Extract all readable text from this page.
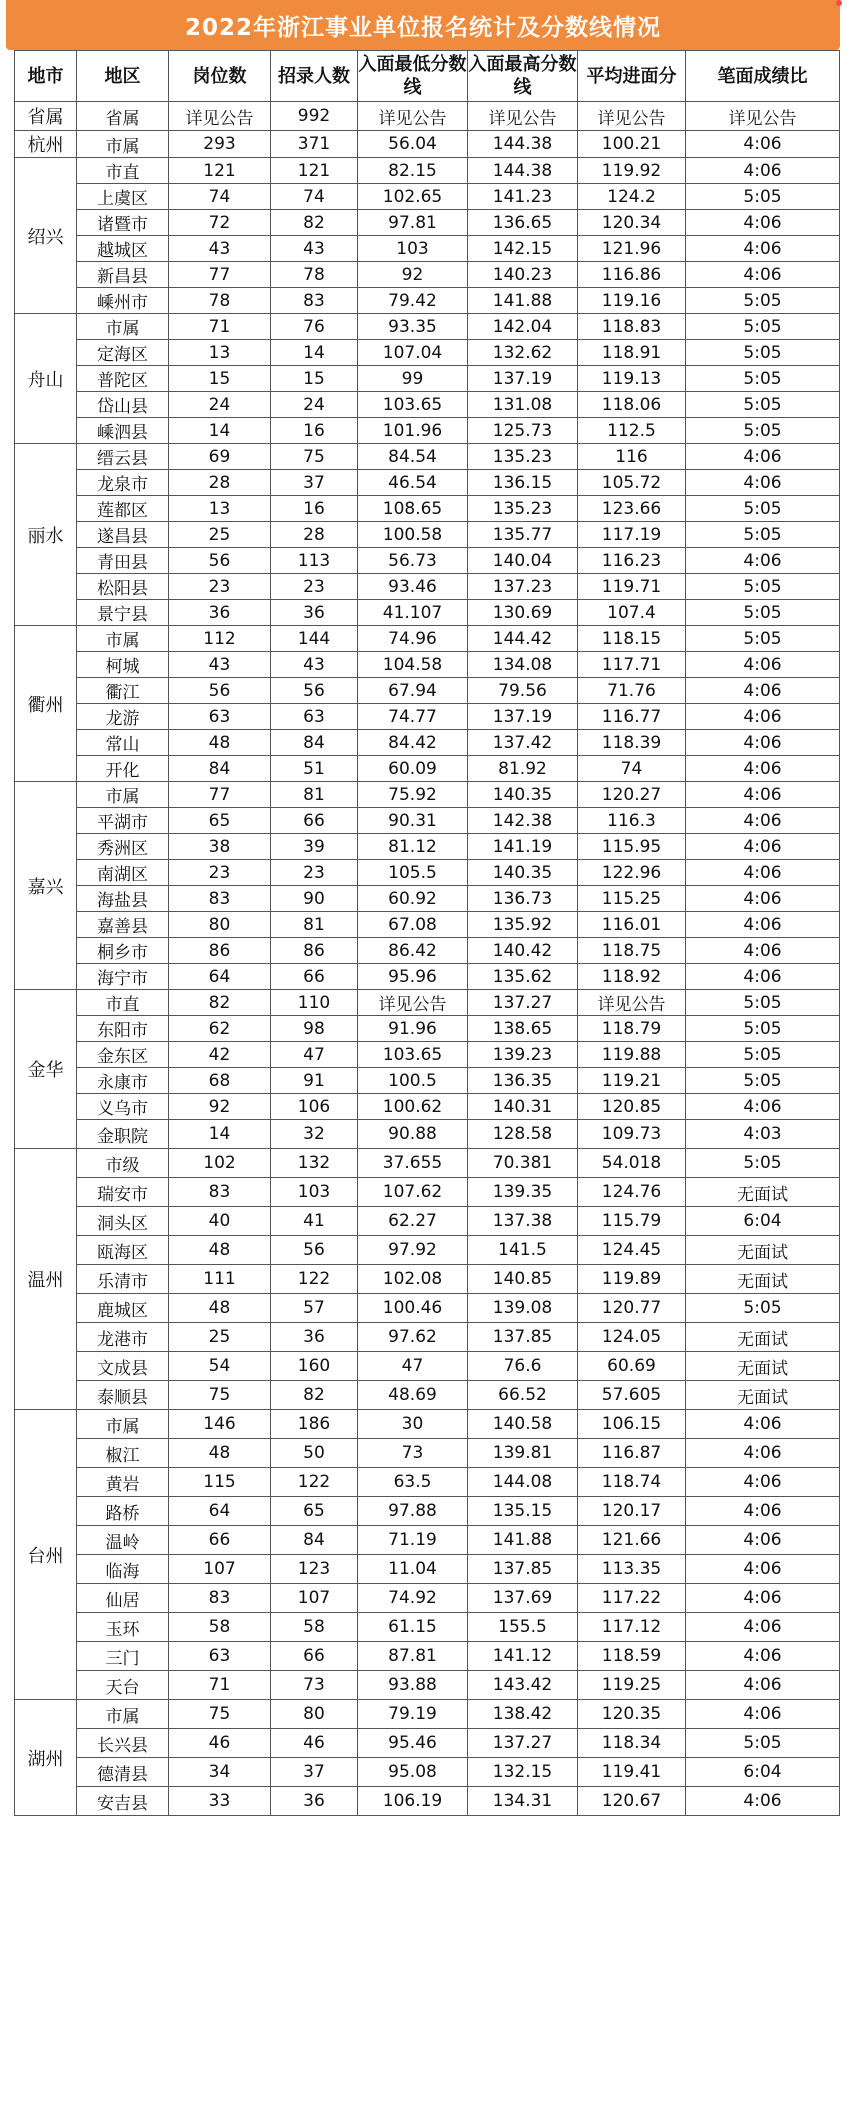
2022年浙江事业单位报名统计及分数线情况
地市	地区	岗位数	招录人数	入面最低分数线	入面最高分数线	平均进面分	笔面成绩比
省属	省属	详见公告	992	详见公告	详见公告	详见公告	详见公告
杭州	市属	293	371	56.04	144.38	100.21	4:06
绍兴	市直	121	121	82.15	144.38	119.92	4:06
	上虞区	74	74	102.65	141.23	124.2	5:05
	诸暨市	72	82	97.81	136.65	120.34	4:06
	越城区	43	43	103	142.15	121.96	4:06
	新昌县	77	78	92	140.23	116.86	4:06
	嵊州市	78	83	79.42	141.88	119.16	5:05
舟山	市属	71	76	93.35	142.04	118.83	5:05
	定海区	13	14	107.04	132.62	118.91	5:05
	普陀区	15	15	99	137.19	119.13	5:05
	岱山县	24	24	103.65	131.08	118.06	5:05
	嵊泗县	14	16	101.96	125.73	112.5	5:05
丽水	缙云县	69	75	84.54	135.23	116	4:06
	龙泉市	28	37	46.54	136.15	105.72	4:06
	莲都区	13	16	108.65	135.23	123.66	5:05
	遂昌县	25	28	100.58	135.77	117.19	5:05
	青田县	56	113	56.73	140.04	116.23	4:06
	松阳县	23	23	93.46	137.23	119.71	5:05
	景宁县	36	36	41.107	130.69	107.4	5:05
衢州	市属	112	144	74.96	144.42	118.15	5:05
	柯城	43	43	104.58	134.08	117.71	4:06
	衢江	56	56	67.94	79.56	71.76	4:06
	龙游	63	63	74.77	137.19	116.77	4:06
	常山	48	84	84.42	137.42	118.39	4:06
	开化	84	51	60.09	81.92	74	4:06
嘉兴	市属	77	81	75.92	140.35	120.27	4:06
	平湖市	65	66	90.31	142.38	116.3	4:06
	秀洲区	38	39	81.12	141.19	115.95	4:06
	南湖区	23	23	105.5	140.35	122.96	4:06
	海盐县	83	90	60.92	136.73	115.25	4:06
	嘉善县	80	81	67.08	135.92	116.01	4:06
	桐乡市	86	86	86.42	140.42	118.75	4:06
	海宁市	64	66	95.96	135.62	118.92	4:06
金华	市直	82	110	详见公告	137.27	详见公告	5:05
	东阳市	62	98	91.96	138.65	118.79	5:05
	金东区	42	47	103.65	139.23	119.88	5:05
	永康市	68	91	100.5	136.35	119.21	5:05
	义乌市	92	106	100.62	140.31	120.85	4:06
	金职院	14	32	90.88	128.58	109.73	4:03
温州	市级	102	132	37.655	70.381	54.018	5:05
	瑞安市	83	103	107.62	139.35	124.76	无面试
	洞头区	40	41	62.27	137.38	115.79	6:04
	瓯海区	48	56	97.92	141.5	124.45	无面试
	乐清市	111	122	102.08	140.85	119.89	无面试
	鹿城区	48	57	100.46	139.08	120.77	5:05
	龙港市	25	36	97.62	137.85	124.05	无面试
	文成县	54	160	47	76.6	60.69	无面试
	泰顺县	75	82	48.69	66.52	57.605	无面试
台州	市属	146	186	30	140.58	106.15	4:06
	椒江	48	50	73	139.81	116.87	4:06
	黄岩	115	122	63.5	144.08	118.74	4:06
	路桥	64	65	97.88	135.15	120.17	4:06
	温岭	66	84	71.19	141.88	121.66	4:06
	临海	107	123	11.04	137.85	113.35	4:06
	仙居	83	107	74.92	137.69	117.22	4:06
	玉环	58	58	61.15	155.5	117.12	4:06
	三门	63	66	87.81	141.12	118.59	4:06
	天台	71	73	93.88	143.42	119.25	4:06
湖州	市属	75	80	79.19	138.42	120.35	4:06
	长兴县	46	46	95.46	137.27	118.34	5:05
	德清县	34	37	95.08	132.15	119.41	6:04
	安吉县	33	36	106.19	134.31	120.67	4:06
